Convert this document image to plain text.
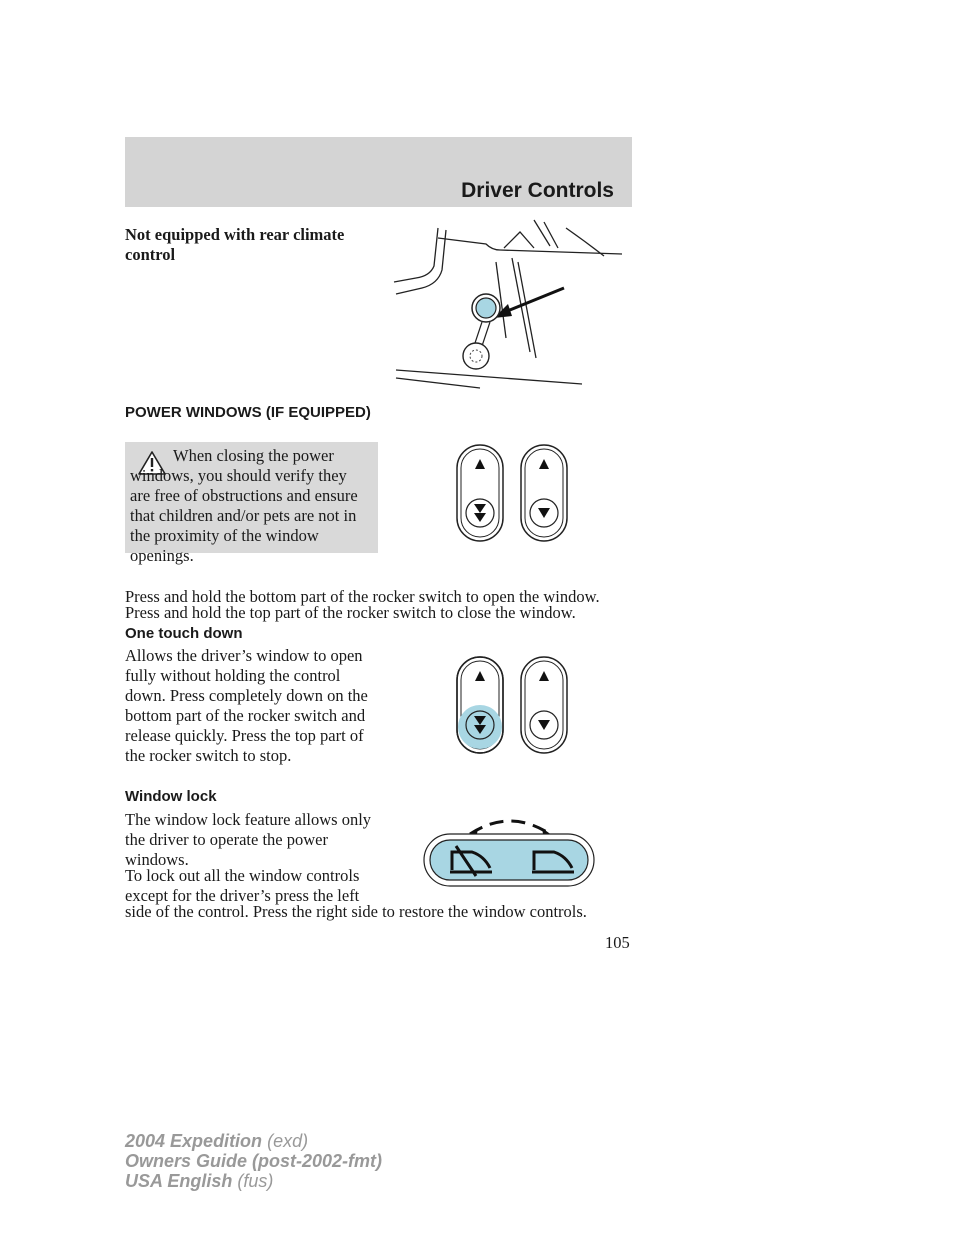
Driver Controls
Not equipped with rear climate control
POWER WINDOWS (IF EQUIPPED)
When closing the power windows, you should verify they are free of obstructions and ensure that children and/or pets are not in the proximity of the window openings.
Press and hold the bottom part of the rocker switch to open the window.
Press and hold the top part of the rocker switch to close the window.
One touch down
Allows the driver’s window to open fully without holding the control down. Press completely down on the bottom part of the rocker switch and release quickly. Press the top part of the rocker switch to stop.
Window lock
The window lock feature allows only the driver to operate the power windows.
To lock out all the window controls except for the driver’s press the left
side of the control. Press the right side to restore the window controls.
105
2004 Expedition (exd)
Owners Guide (post-2002-fmt)
USA English (fus)
